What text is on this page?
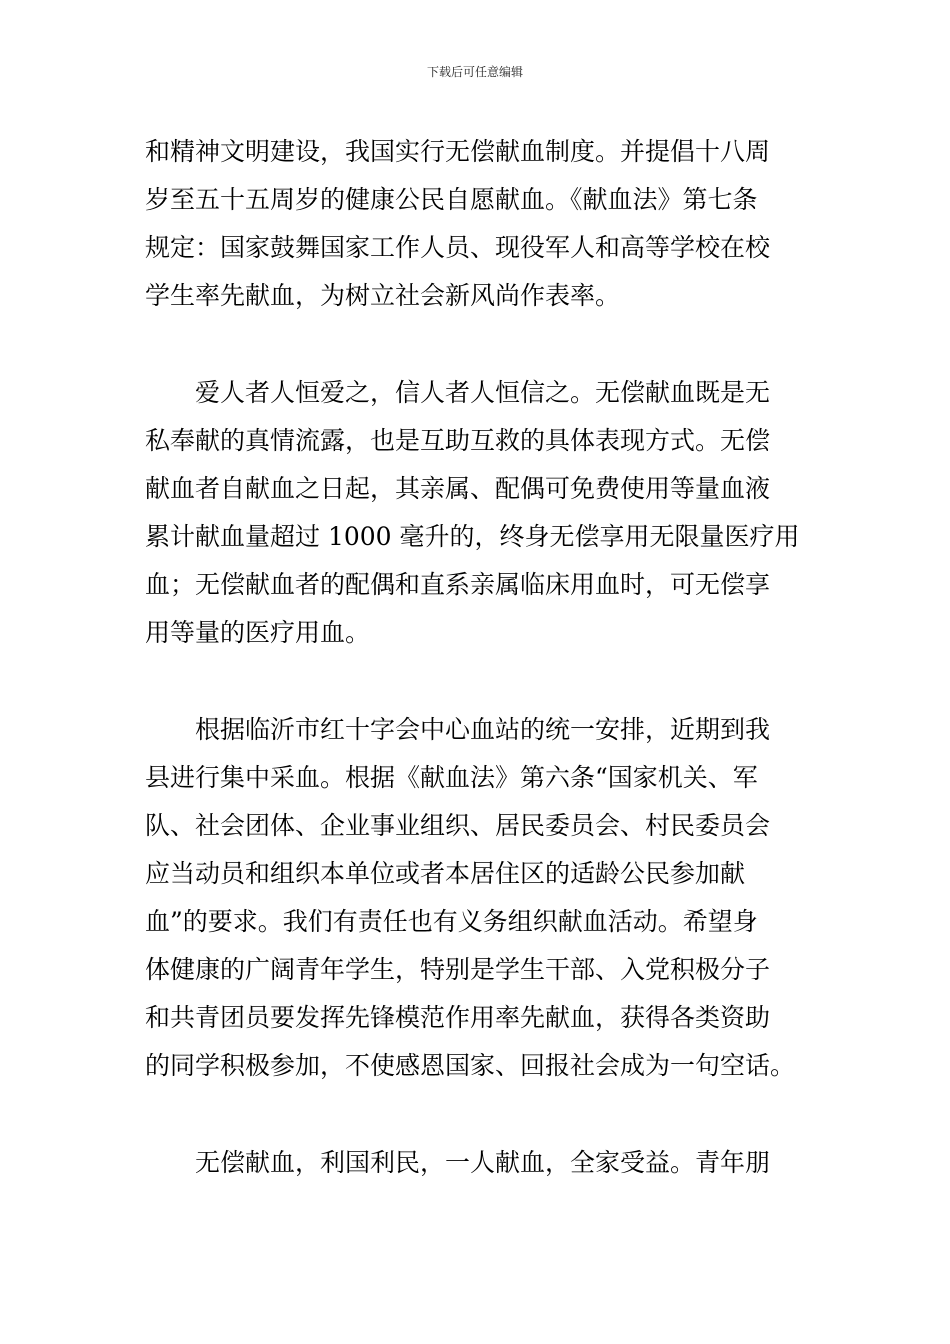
下载后可任意编辑
和精神文明建设，我国实行无偿献血制度。并提倡十八周
岁至五十五周岁的健康公民自愿献血。《献血法》第七条
规定：国家鼓舞国家工作人员、现役军人和高等学校在校
学生率先献血，为树立社会新风尚作表率。
　　爱人者人恒爱之，信人者人恒信之。无偿献血既是无
私奉献的真情流露，也是互助互救的具体表现方式。无偿
献血者自献血之日起，其亲属、配偶可免费使用等量血液
累计献血量超过 1000 毫升的，终身无偿享用无限量医疗用
血；无偿献血者的配偶和直系亲属临床用血时，可无偿享
用等量的医疗用血。
　　根据临沂市红十字会中心血站的统一安排，近期到我
县进行集中采血。根据《献血法》第六条“国家机关、军
队、社会团体、企业事业组织、居民委员会、村民委员会
应当动员和组织本单位或者本居住区的适龄公民参加献
血”的要求。我们有责任也有义务组织献血活动。希望身
体健康的广阔青年学生，特别是学生干部、入党积极分子
和共青团员要发挥先锋模范作用率先献血，获得各类资助
的同学积极参加，不使感恩国家、回报社会成为一句空话。
　　无偿献血，利国利民，一人献血，全家受益。青年朋
